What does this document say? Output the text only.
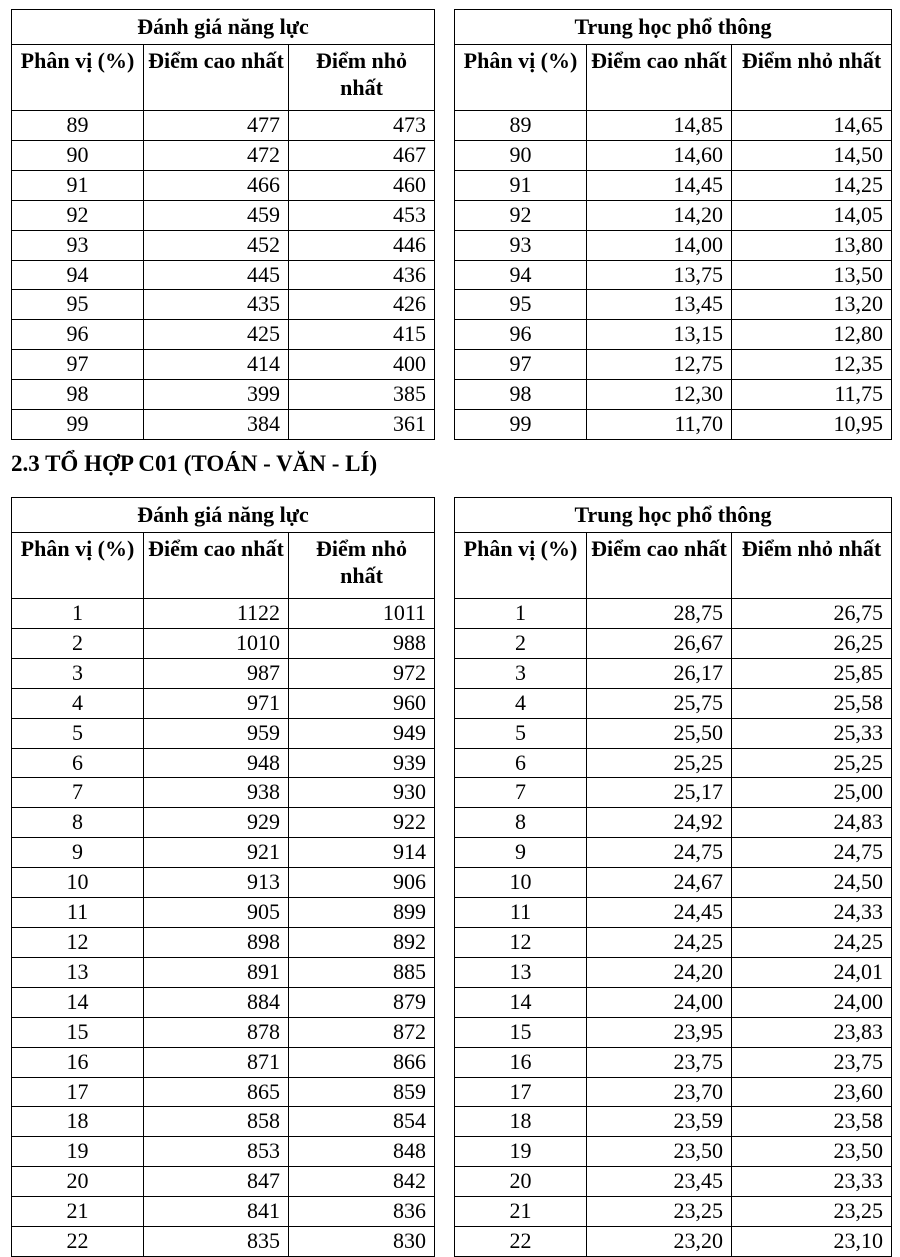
Đánh giá năng lực		
Phân vị (%)	Điểm cao nhất	Điểm nhỏ nhất
89	477	473
90	472	467
91	466	460
92	459	453
93	452	446
94	445	436
95	435	426
96	425	415
97	414	400
98	399	385
99	384	361
Trung học phổ thông		
Phân vị (%)	Điểm cao nhất	Điểm nhỏ nhất
89	14,85	14,65
90	14,60	14,50
91	14,45	14,25
92	14,20	14,05
93	14,00	13,80
94	13,75	13,50
95	13,45	13,20
96	13,15	12,80
97	12,75	12,35
98	12,30	11,75
99	11,70	10,95
2.3 TỔ HỢP C01 (TOÁN - VĂN - LÍ)
Đánh giá năng lực		
Phân vị (%)	Điểm cao nhất	Điểm nhỏ nhất
1	1122	1011
2	1010	988
3	987	972
4	971	960
5	959	949
6	948	939
7	938	930
8	929	922
9	921	914
10	913	906
11	905	899
12	898	892
13	891	885
14	884	879
15	878	872
16	871	866
17	865	859
18	858	854
19	853	848
20	847	842
21	841	836
22	835	830
Trung học phổ thông		
Phân vị (%)	Điểm cao nhất	Điểm nhỏ nhất
1	28,75	26,75
2	26,67	26,25
3	26,17	25,85
4	25,75	25,58
5	25,50	25,33
6	25,25	25,25
7	25,17	25,00
8	24,92	24,83
9	24,75	24,75
10	24,67	24,50
11	24,45	24,33
12	24,25	24,25
13	24,20	24,01
14	24,00	24,00
15	23,95	23,83
16	23,75	23,75
17	23,70	23,60
18	23,59	23,58
19	23,50	23,50
20	23,45	23,33
21	23,25	23,25
22	23,20	23,10
